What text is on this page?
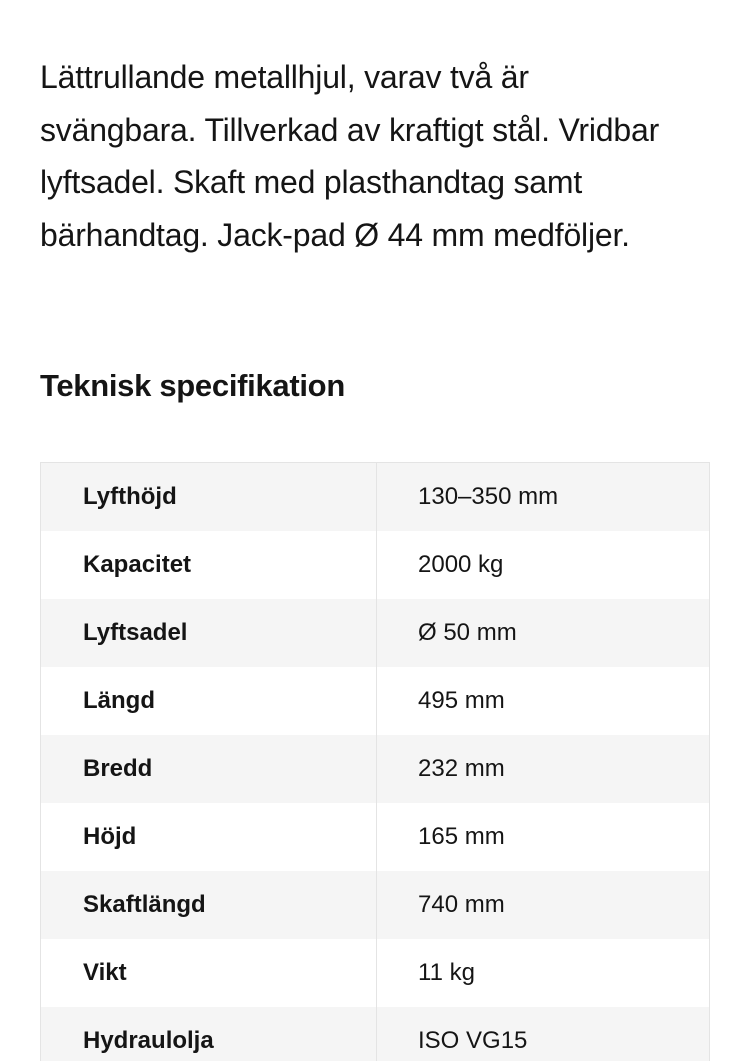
Lättrullande metallhjul, varav två är
svängbara. Tillverkad av kraftigt stål. Vridbar
lyftsadel. Skaft med plasthandtag samt
bärhandtag. Jack-pad Ø 44 mm medföljer.

Teknisk specifikation
Lyfthöjd	130–350 mm
Kapacitet	2000 kg
Lyftsadel	Ø 50 mm
Längd	495 mm
Bredd	232 mm
Höjd	165 mm
Skaftlängd	740 mm
Vikt	11 kg
Hydraulolja	ISO VG15
